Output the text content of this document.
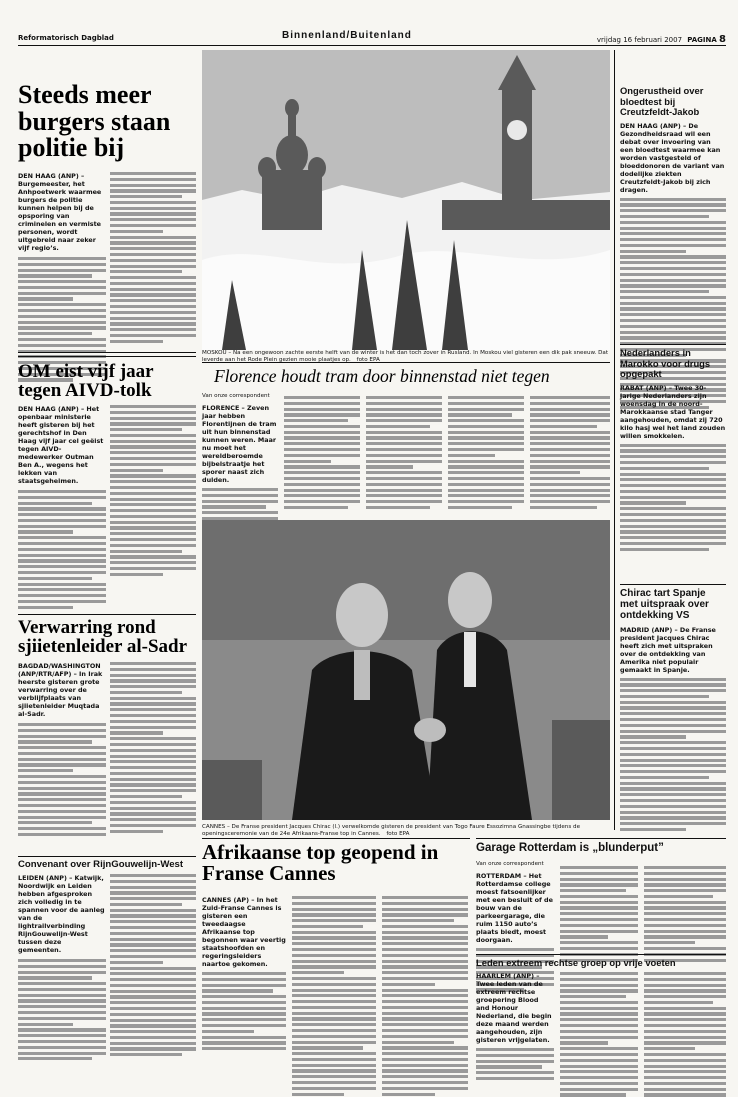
Reformatorisch Dagblad	Binnenland/Buitenland	vrijdag 16 februari 2007 PAGINA 8
Steeds meer burgers staan politie bij
DEN HAAG (ANP) – Burgemeester, het Anhpoetwerk waarmee burgers de politie kunnen helpen bij de opsporing van criminelen en vermiste personen, wordt uitgebreid naar zeker vijf regio’s.
MOSKOU – Na een ongewoon zachte eerste helft van de winter is het dan toch zover in Rusland. In Moskou viel gisteren een dik pak sneeuw. Dat leverde aan het Rode Plein gezien mooie plaatjes op. foto EPA
OM eist vijf jaar tegen AIVD-tolk
DEN HAAG (ANP) – Het openbaar ministerie heeft gisteren bij het gerechtshof in Den Haag vijf jaar cel geëist tegen AIVD-medewerker Outman Ben A., wegens het lekken van staatsgeheimen.
Florence houdt tram door binnenstad niet tegen
Van onze correspondent
FLORENCE – Zeven jaar hebben Florentijnen de tram uit hun binnenstad kunnen weren. Maar nu moet het wereldberoemde bijbelstraatje het sporer naast zich dulden.
CANNES – De Franse president Jacques Chirac (l.) verwelkomde gisteren de president van Togo Faure Essozimna Gnassingbe tijdens de openingsceremonie van de 24e Afrikaans-Franse top in Cannes. foto EPA
Verwarring rond sjiietenleider al-Sadr
BAGDAD/WASHINGTON (ANP/RTR/AFP) – In Irak heerste gisteren grote verwarring over de verblijfplaats van sjiietenleider Muqtada al-Sadr.
Convenant over RijnGouwelijn-West
LEIDEN (ANP) – Katwijk, Noordwijk en Leiden hebben afgesproken zich volledig in te spannen voor de aanleg van de lightrailverbinding RijnGouwelijn-West tussen deze gemeenten.
Afrikaanse top geopend in Franse Cannes
CANNES (AP) – In het Zuid-Franse Cannes is gisteren een tweedaagse Afrikaanse top begonnen waar veertig staatshoofden en regeringsleiders naartoe gekomen.
Garage Rotterdam is „blunderput”
Van onze correspondent
ROTTERDAM – Het Rotterdamse college moest fatsoenlijker met een besluit of de bouw van de parkeergarage, die ruim 1150 auto’s plaats biedt, moest doorgaan.
Leden extreem rechtse groep op vrije voeten
HAARLEM (ANP) – Twee leden van de extreem rechtse groepering Blood and Honour Nederland, die begin deze maand werden aangehouden, zijn gisteren vrijgelaten.
Ongerustheid over bloedtest bij Creutzfeldt-Jakob
DEN HAAG (ANP) – De Gezondheidsraad wil een debat over invoering van een bloedtest waarmee kan worden vastgesteld of bloeddonoren de variant van dodelijke ziekten Creutzfeldt-Jakob bij zich dragen.
Nederlanders in Marokko voor drugs opgepakt
RABAT (ANP) – Twee 30-jarige Nederlanders zijn woensdag in de noord-Marokkaanse stad Tanger aangehouden, omdat zij 720 kilo hasj wel het land zouden willen smokkelen.
Chirac tart Spanje met uitspraak over ontdekking VS
MADRID (ANP) – De Franse president Jacques Chirac heeft zich met uitspraken over de ontdekking van Amerika niet populair gemaakt in Spanje.
